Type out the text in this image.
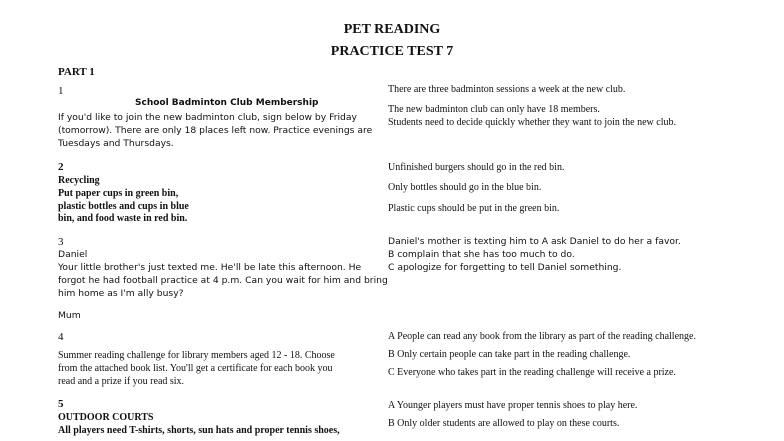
PET READING
PRACTICE TEST 7
PART 1
1
School Badminton Club Membership
If you'd like to join the new badminton club, sign below by Friday
(tomorrow). There are only 18 places left now. Practice evenings are
Tuesdays and Thursdays.
There are three badminton sessions a week at the new club.
The new badminton club can only have 18 members.
Students need to decide quickly whether they want to join the new club.
2
Recycling
Put paper cups in green bin,
plastic bottles and cups in blue
bin, and food waste in red bin.
Unfinished burgers should go in the red bin.
Only bottles should go in the blue bin.
Plastic cups should be put in the green bin.
3
Daniel
Your little brother's just texted me. He'll be late this afternoon. He
forgot he had football practice at 4 p.m. Can you wait for him and bring
him home as I'm ally busy?
Mum
Daniel's mother is texting him to A ask Daniel to do her a favor.
B complain that she has too much to do.
C apologize for forgetting to tell Daniel something.
4
Summer reading challenge for library members aged 12 - 18. Choose
from the attached book list. You'll get a certificate for each book you
read and a prize if you read six.
A People can read any book from the library as part of the reading challenge.
B Only certain people can take part in the reading challenge.
C Everyone who takes part in the reading challenge will receive a prize.
5
OUTDOOR COURTS
All players need T-shirts, shorts, sun hats and proper tennis shoes,
A Younger players must have proper tennis shoes to play here.
B Only older students are allowed to play on these courts.
